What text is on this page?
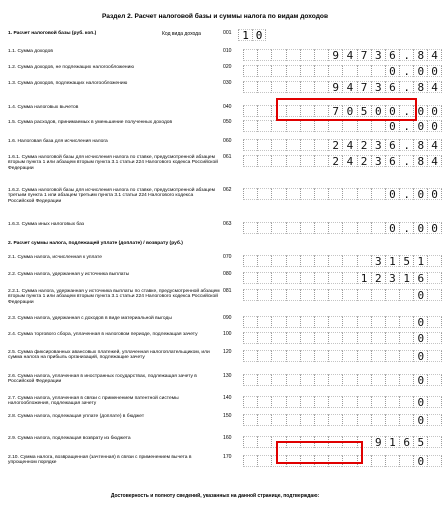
Раздел 2. Расчет налоговой базы и суммы налога по видам доходов
1. Расчет налоговой базы (руб. коп.)	Код вида дохода	001 1 0
1.1. Сумма доходов	010	9 4 7 3 6 . 8 4
1.2. Сумма доходов, не подлежащих налогообложению	020	0 . 0 0
1.3. Сумма доходов, подлежащих налогообложению	030	9 4 7 3 6 . 8 4
1.4. Сумма налоговых вычетов	040	7 0 5 0 0 . 0 0
1.5. Сумма расходов, принимаемых в уменьшение полученных доходов	050	0 . 0 0
1.6. Налоговая база для исчисления налога	060	2 4 2 3 6 . 8 4
1.6.1. Сумма налоговой базы для исчисления налога по ставке, предусмотренной абзацем вторым пункта 1 или абзацем вторым пункта 3.1 статьи 224 Налогового кодекса Российской Федерации
061	2 4 2 3 6 . 8 4
1.6.2. Сумма налоговой базы для исчисления налога по ставке, предусмотренной абзацем третьим пункта 1 или абзацем третьим пункта 3.1 статьи 224 Налогового кодекса Российской Федерации
062	0 . 0 0
1.6.3. Сумма иных налоговых баз	063	0 . 0 0
2. Расчет суммы налога, подлежащей уплате (доплате) / возврату (руб.)
2.1. Сумма налога, исчисленная к уплате	070	3 1 5 1
2.2. Сумма налога, удержанная у источника выплаты	080	1 2 3 1 6
2.2.1. Сумма налога, удержанная у источника выплаты по ставке, предусмотренной абзацем вторым пункта 1 или абзацем вторым пункта 3.1 статьи 224 Налогового кодекса Российской Федерации
081	0
2.3. Сумма налога, удержанная с доходов в виде материальной выгоды	090	0
2.4. Сумма торгового сбора, уплаченная в налоговом периоде, подлежащая зачету	100	0
2.5. Сумма фиксированных авансовых платежей, уплаченная налогоплательщиком, или сумма налога на прибыль организаций, подлежащие зачету
120	0
2.6. Сумма налога, уплаченная в иностранных государствах, подлежащая зачету в Российской Федерации
130	0
2.7. Сумма налога, уплаченная в связи с применением патентной системы налогообложения, подлежащая зачету
140	0
2.8. Сумма налога, подлежащая уплате (доплате) в бюджет	150	0
2.9. Сумма налога, подлежащая возврату из бюджета	160	9 1 6 5
2.10. Сумма налога, возвращенная (зачтенная) в связи с применением вычета в упрощенном порядке
170	0
Достоверность и полноту сведений, указанных на данной странице, подтверждаю:
